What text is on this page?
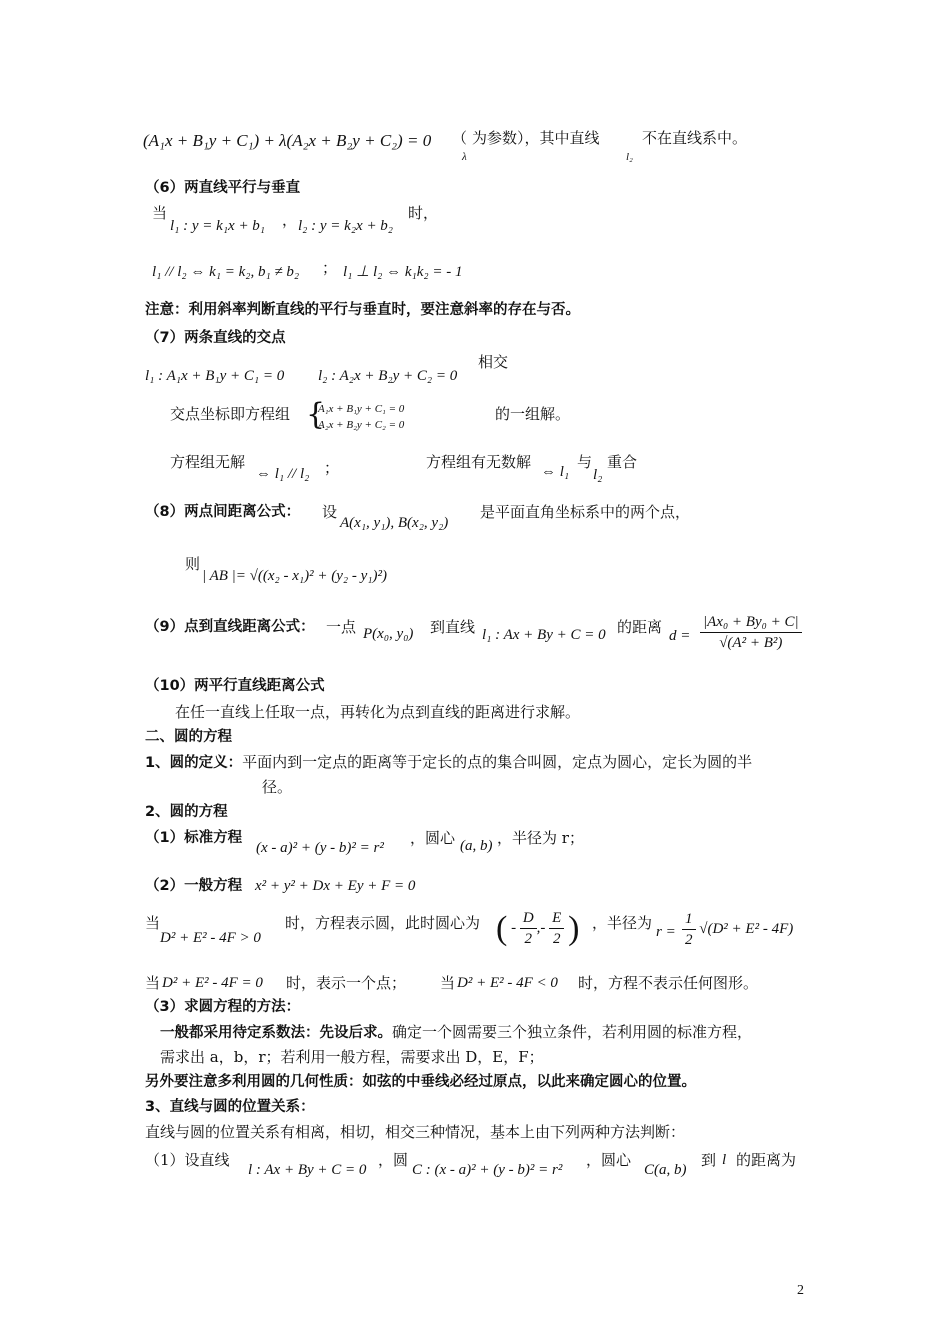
(A₁x + B₁y + C₁) + λ(A₂x + B₂y + C₂) = 0 （
λ
为参数），其中直线
l₂
不在直线系中。
（6）两直线平行与垂直
当
l₁ : y = k₁x + b₁ ， l₂ : y = k₂x + b₂
时，
l₁ // l₂ ⇔ k₁ = k₂, b₁ ≠ b₂ ； l₁ ⊥ l₂ ⇔ k₁k₂ = - 1
注意：利用斜率判断直线的平行与垂直时，要注意斜率的存在与否。
（7）两条直线的交点
l₁ : A₁x + B₁y + C₁ = 0 l₂ : A₂x + B₂y + C₂ = 0
相交
交点坐标即方程组 {
A₁x + B₁y + C₁ = 0
A₂x + B₂y + C₂ = 0
的一组解。
方程组无解
⇔ l₁ // l₂ ；	方程组有无数解
⇔ l₁
与
l₂
重合
（8）两点间距离公式： 设
A(x₁, y₁), B(x₂, y₂)
是平面直角坐标系中的两个点，
则
| AB |= √((x₂ - x₁)² + (y₂ - y₁)²)
（9）点到直线距离公式： 一点 P(x₀, y₀) 到直线 l₁ : Ax + By + C = 0 的距离 $d = \frac{\text{|Ax₀ + By₀ + C|}}{\text{√(A² + B²)}}$
（10）两平行直线距离公式
在任一直线上任取一点，再转化为点到直线的距离进行求解。
二、圆的方程
1、圆的定义：平面内到一定点的距离等于定长的点的集合叫圆，定点为圆心，定长为圆的半
径。
2、圆的方程
（1）标准方程
(x - a)² + (y - b)² = r²
，圆心 (a, b) ，半径为 r；
（2）一般方程 x² + y² + Dx + Ey + F = 0
当
D² + E² - 4F > 0
时，方程表示圆，此时圆心为 ( - $\frac{D}{2}$ ,- $\frac{E}{2}$ ) ，半径为 $r = \frac{1}{2} √(D^2 + E^2 - 4F)$
当 D² + E² - 4F = 0 时，表示一个点； 当 D² + E² - 4F < 0 时，方程不表示任何图形。
（3）求圆方程的方法：
一般都采用待定系数法：先设后求。确定一个圆需要三个独立条件，若利用圆的标准方程，
需求出 a，b，r；若利用一般方程，需要求出 D，E，F；
另外要注意多利用圆的几何性质：如弦的中垂线必经过原点，以此来确定圆心的位置。
3、直线与圆的位置关系：
直线与圆的位置关系有相离，相切，相交三种情况，基本上由下列两种方法判断：
（1）设直线
l : Ax + By + C = 0
，圆
C : (x - a)² + (y - b)² = r²
，圆心
C(a, b)
到 l 的距离为
2
